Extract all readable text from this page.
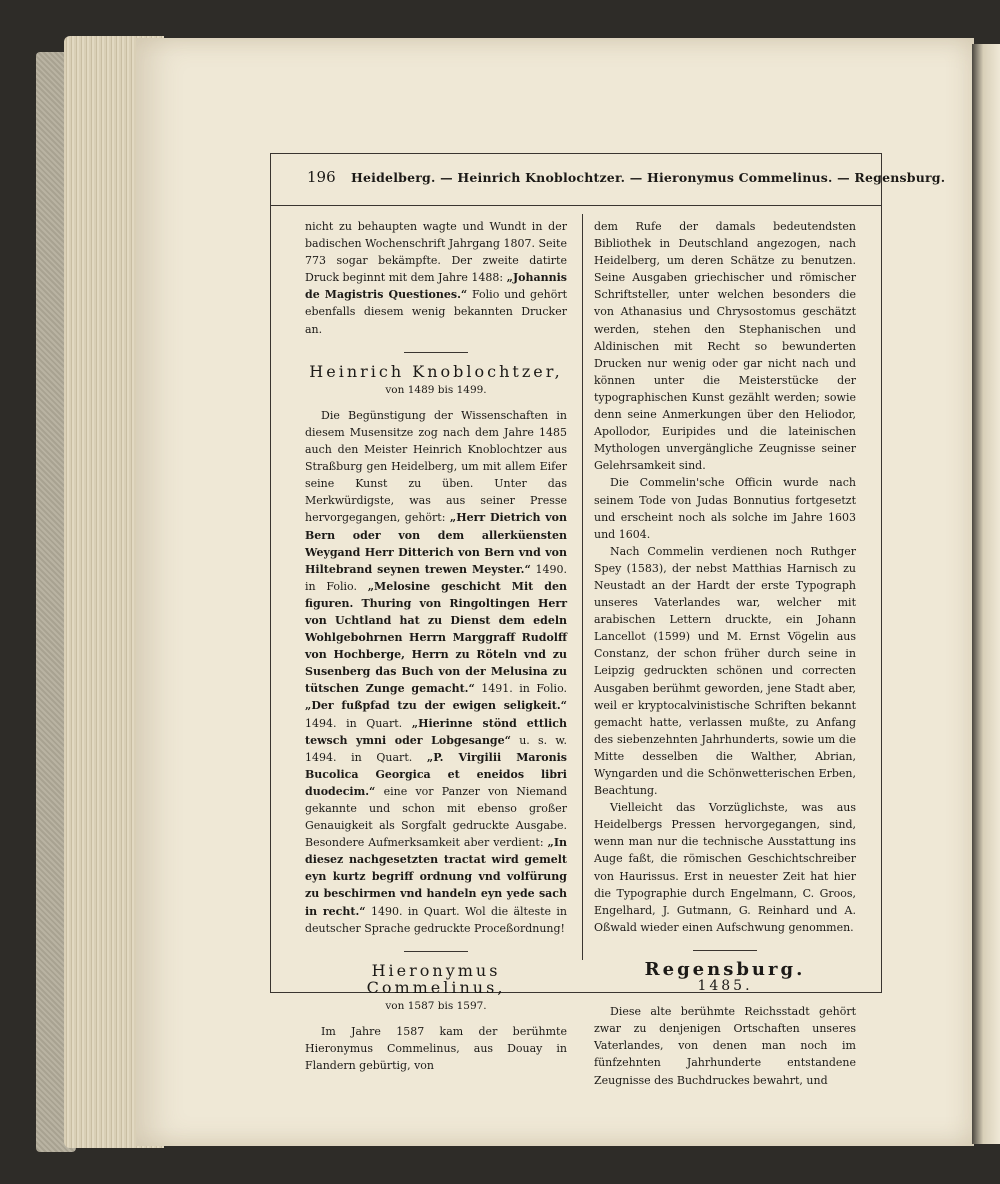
196 Heidelberg. — Heinrich Knoblochtzer. — Hieronymus Commelinus. — Regensburg.

nicht zu behaupten wagte und Wundt in der badischen Wochenschrift Jahrgang 1807. Seite 773 sogar bekämpfte. Der zweite datirte Druck beginnt mit dem Jahre 1488: „Johannis de Magistris Questiones.“ Folio und gehört ebenfalls diesem wenig bekannten Drucker an.

Heinrich Knoblochtzer,
von 1489 bis 1499.

Die Begünstigung der Wissenschaften in diesem Musensitze zog nach dem Jahre 1485 auch den Meister Heinrich Knoblochtzer aus Straßburg gen Heidelberg, um mit allem Eifer seine Kunst zu üben. Unter das Merkwürdigste, was aus seiner Presse hervorgegangen, gehört: „Herr Dietrich von Bern oder von dem allerküensten Weygand Herr Ditterich von Bern vnd von Hiltebrand seynen trewen Meyster.“ 1490. in Folio. „Melosine geschicht Mit den figuren. Thuring von Ringoltingen Herr von Uchtland hat zu Dienst dem edeln Wohlgebohrnen Herrn Marggraff Rudolff von Hochberge, Herrn zu Röteln vnd zu Susenberg das Buch von der Melusina zu tütschen Zunge gemacht.“ 1491. in Folio. „Der fußpfad tzu der ewigen seligkeit.“ 1494. in Quart. „Hierinne stönd ettlich tewsch ymni oder Lobgesange“ u. s. w. 1494. in Quart. „P. Virgilii Maronis Bucolica Georgica et eneidos libri duodecim.“ eine vor Panzer von Niemand gekannte und schon mit ebenso großer Genauigkeit als Sorgfalt gedruckte Ausgabe. Besondere Aufmerksamkeit aber verdient: „In diesez nachgesetzten tractat wird gemelt eyn kurtz begriff ordnung vnd volfürung zu beschirmen vnd handeln eyn yede sach in recht.“ 1490. in Quart. Wol die älteste in deutscher Sprache gedruckte Proceßordnung!

Hieronymus Commelinus,
von 1587 bis 1597.

Im Jahre 1587 kam der berühmte Hieronymus Commelinus, aus Douay in Flandern gebürtig, von

dem Rufe der damals bedeutendsten Bibliothek in Deutschland angezogen, nach Heidelberg, um deren Schätze zu benutzen. Seine Ausgaben griechischer und römischer Schriftsteller, unter welchen besonders die von Athanasius und Chrysostomus geschätzt werden, stehen den Stephanischen und Aldinischen mit Recht so bewunderten Drucken nur wenig oder gar nicht nach und können unter die Meisterstücke der typographischen Kunst gezählt werden; sowie denn seine Anmerkungen über den Heliodor, Apollodor, Euripides und die lateinischen Mythologen unvergängliche Zeugnisse seiner Gelehrsamkeit sind.

Die Commelin'sche Officin wurde nach seinem Tode von Judas Bonnutius fortgesetzt und erscheint noch als solche im Jahre 1603 und 1604.

Nach Commelin verdienen noch Ruthger Spey (1583), der nebst Matthias Harnisch zu Neustadt an der Hardt der erste Typograph unseres Vaterlandes war, welcher mit arabischen Lettern druckte, ein Johann Lancellot (1599) und M. Ernst Vögelin aus Constanz, der schon früher durch seine in Leipzig gedruckten schönen und correcten Ausgaben berühmt geworden, jene Stadt aber, weil er kryptocalvinistische Schriften bekannt gemacht hatte, verlassen mußte, zu Anfang des siebenzehnten Jahrhunderts, sowie um die Mitte desselben die Walther, Abrian, Wyngarden und die Schönwetterischen Erben, Beachtung.

Vielleicht das Vorzüglichste, was aus Heidelbergs Pressen hervorgegangen, sind, wenn man nur die technische Ausstattung ins Auge faßt, die römischen Geschichtschreiber von Haurissus. Erst in neuester Zeit hat hier die Typographie durch Engelmann, C. Groos, Engelhard, J. Gutmann, G. Reinhard und A. Oßwald wieder einen Aufschwung genommen.

Regensburg.
1485.

Diese alte berühmte Reichsstadt gehört zwar zu denjenigen Ortschaften unseres Vaterlandes, von denen man noch im fünfzehnten Jahrhunderte entstandene Zeugnisse des Buchdruckes bewahrt, und
